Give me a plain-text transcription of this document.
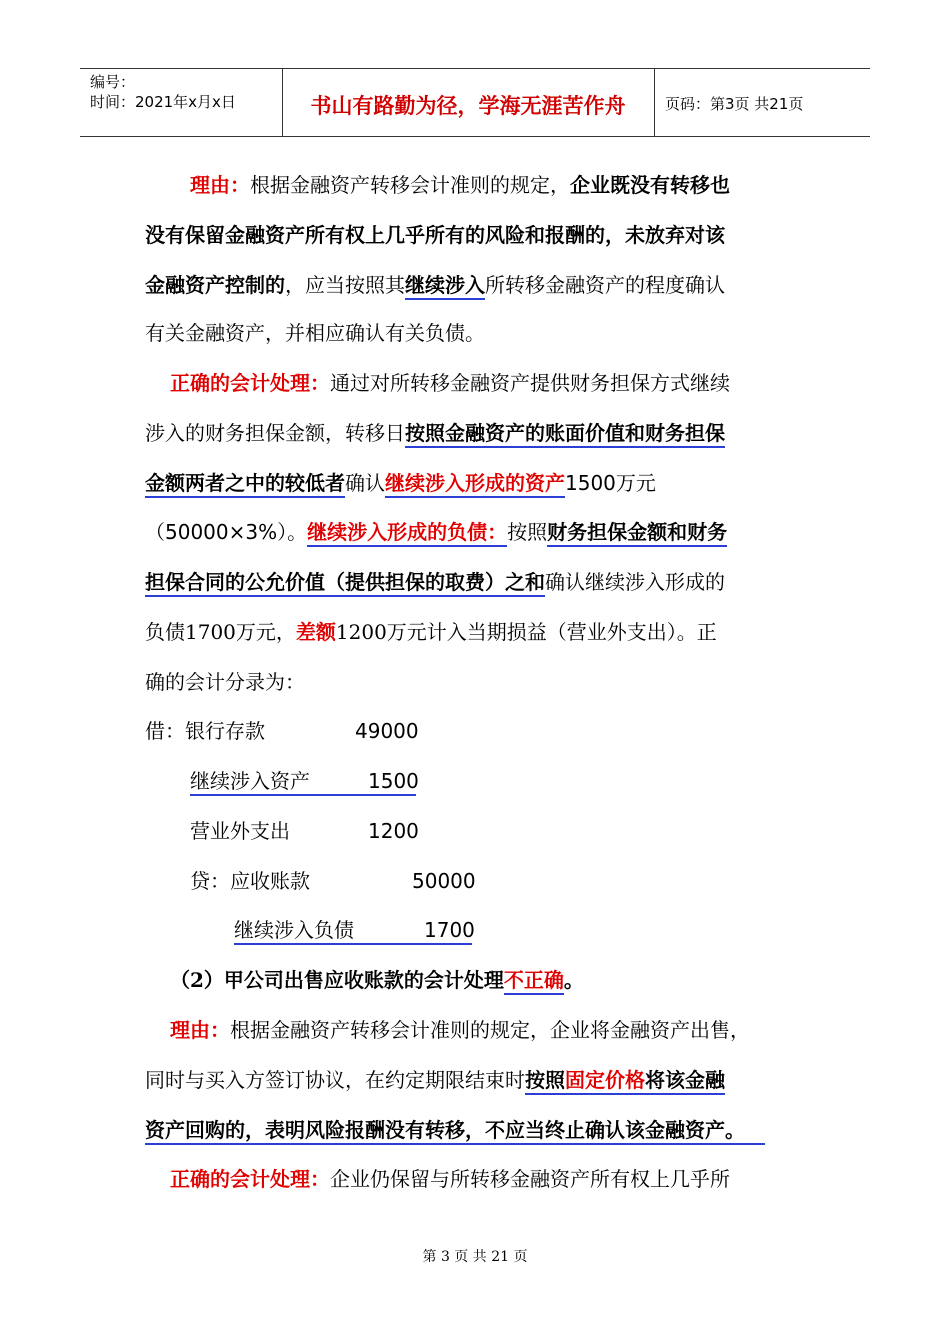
编号：
时间：2021年x月x日	书山有路勤为径，学海无涯苦作舟	页码：第3页 共21页
理由：根据金融资产转移会计准则的规定，企业既没有转移也
没有保留金融资产所有权上几乎所有的风险和报酬的，未放弃对该
金融资产控制的，应当按照其继续涉入所转移金融资产的程度确认
有关金融资产，并相应确认有关负债。
正确的会计处理：通过对所转移金融资产提供财务担保方式继续
涉入的财务担保金额，转移日按照金融资产的账面价值和财务担保
金额两者之中的较低者确认继续涉入形成的资产1500万元
（50000×3%）。继续涉入形成的负债：按照财务担保金额和财务
担保合同的公允价值（提供担保的取费）之和确认继续涉入形成的
负债1700万元，差额1200万元计入当期损益（营业外支出）。正
确的会计分录为：
借：银行存款	49000
继续涉入资产	1500
营业外支出	1200
贷：应收账款	50000
继续涉入负债	1700
（2）甲公司出售应收账款的会计处理不正确。
理由：根据金融资产转移会计准则的规定，企业将金融资产出售，
同时与买入方签订协议，在约定期限结束时按照固定价格将该金融
资产回购的，表明风险报酬没有转移，不应当终止确认该金融资产。
正确的会计处理：企业仍保留与所转移金融资产所有权上几乎所
第 3 页 共 21 页
